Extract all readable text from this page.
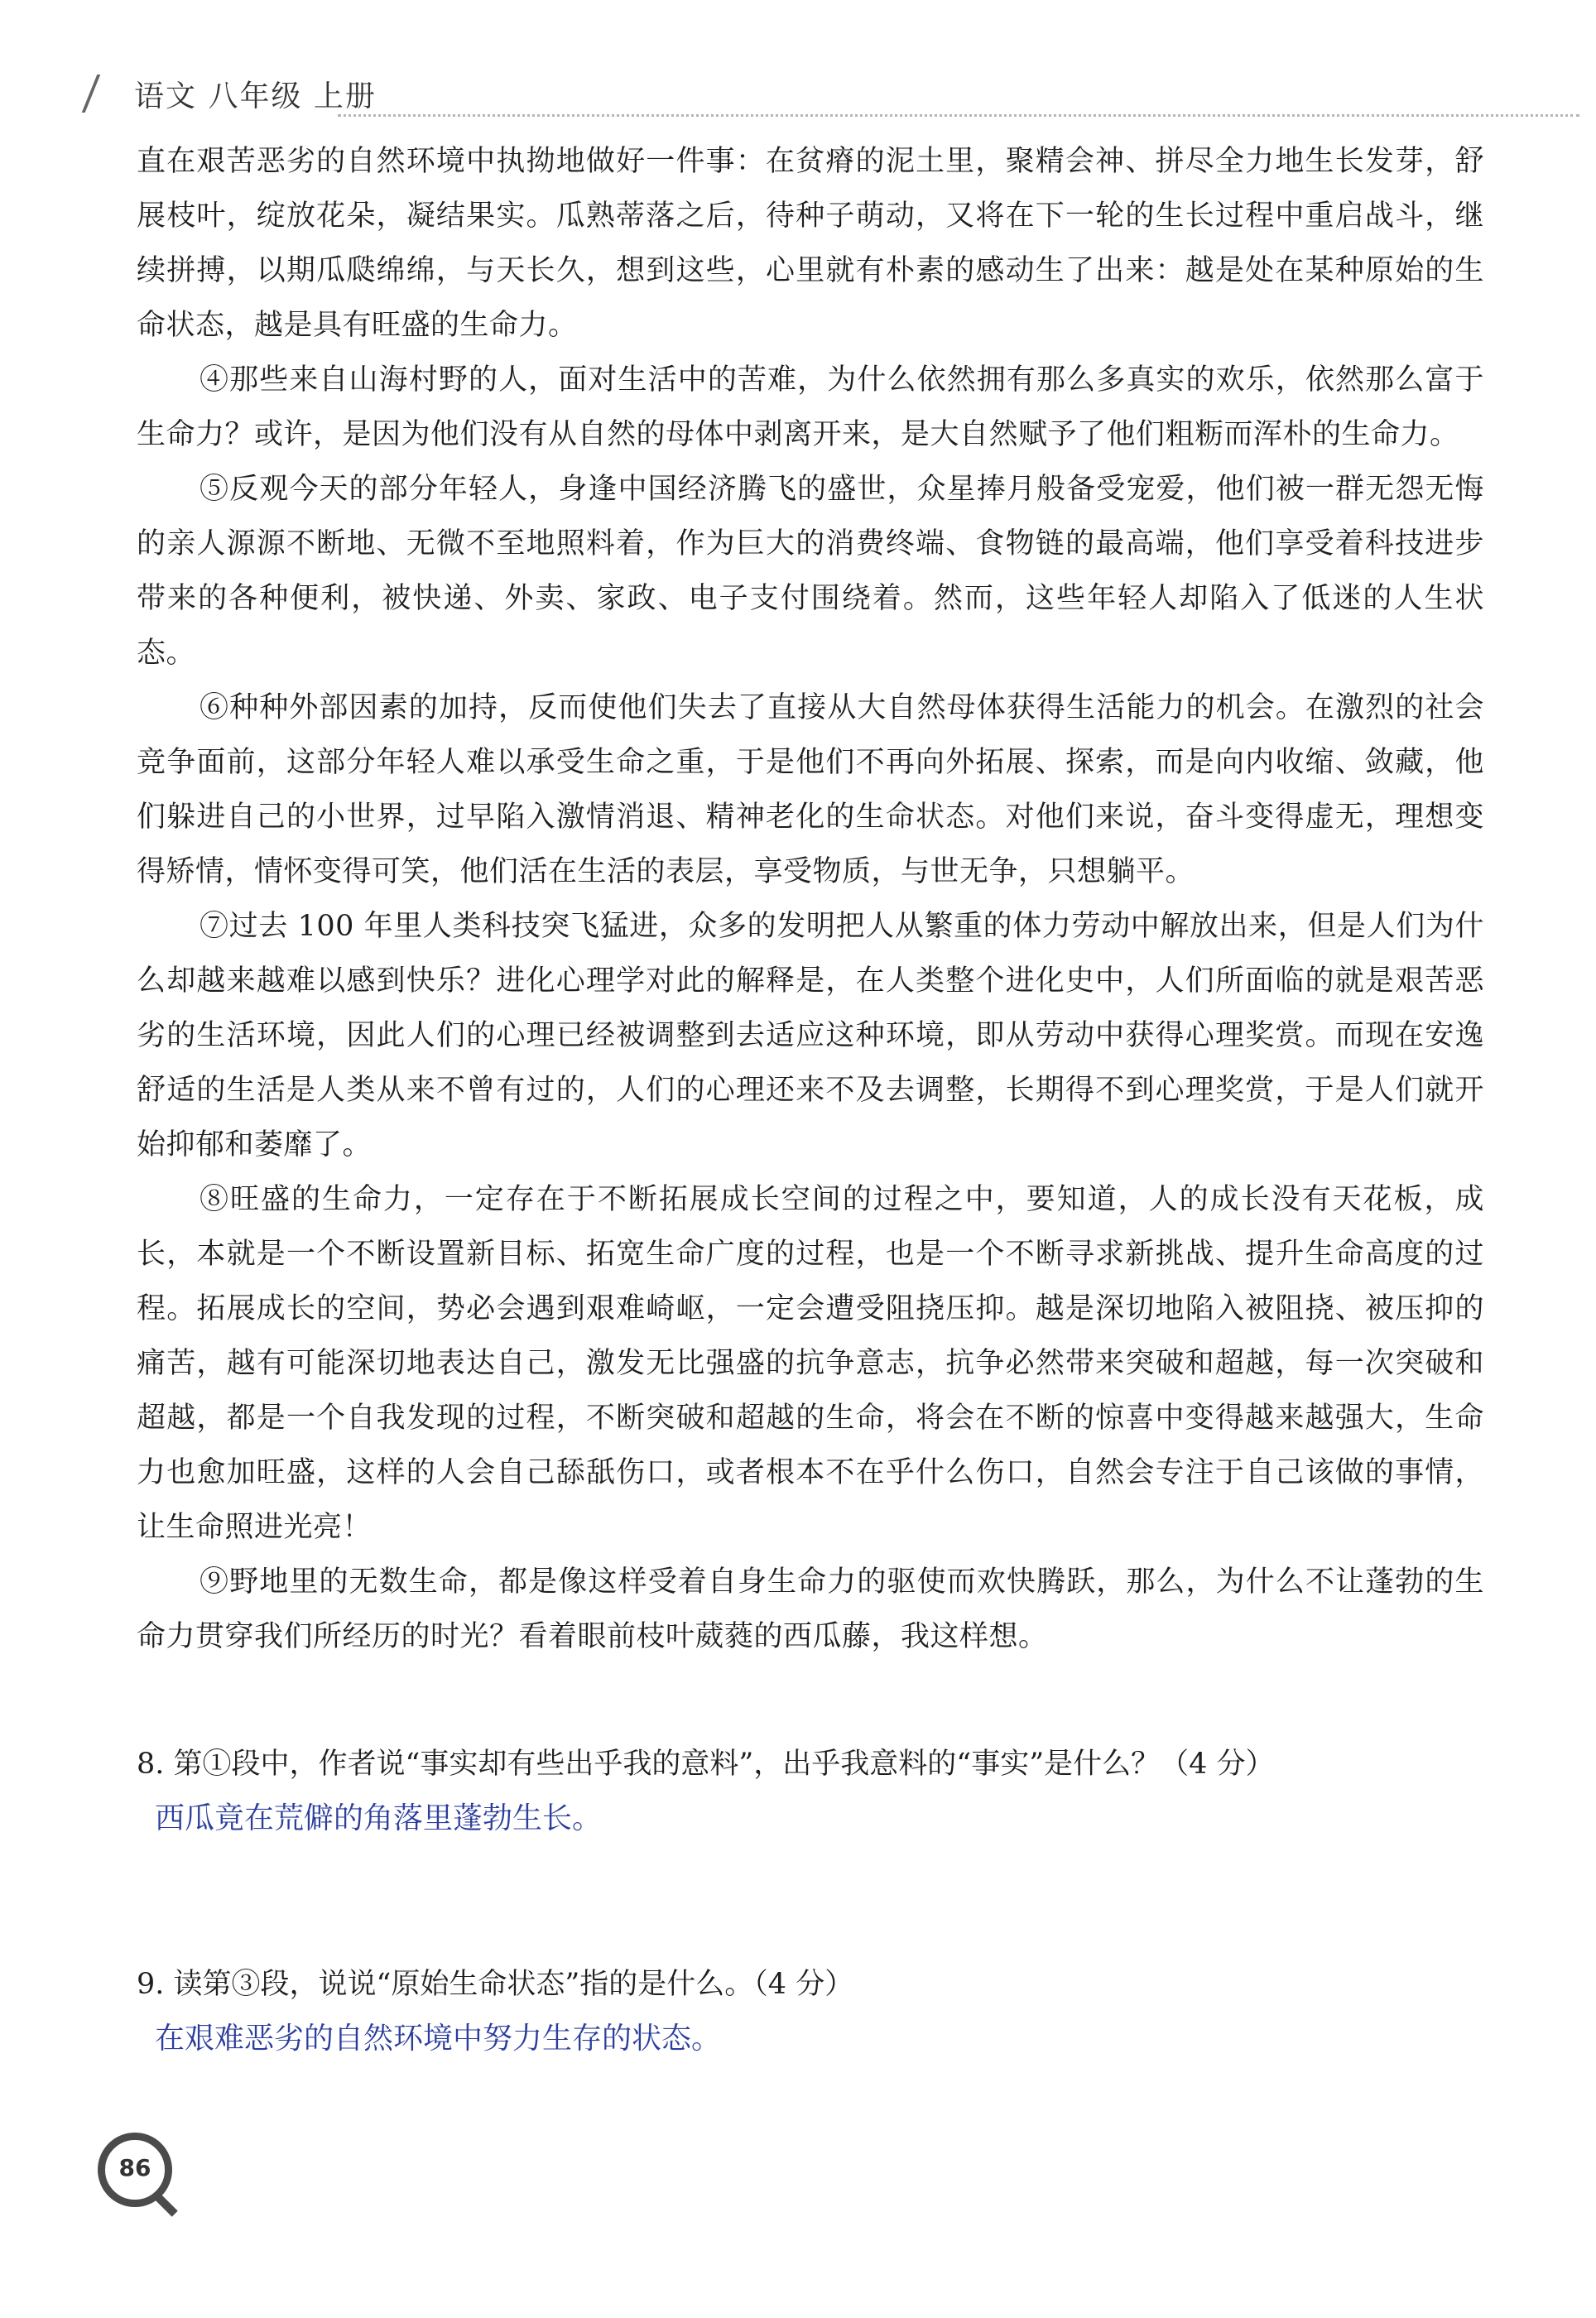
语文 八年级 上册

直在艰苦恶劣的自然环境中执拗地做好一件事：在贫瘠的泥土里，聚精会神、拼尽全力地生长发芽，舒展枝叶，绽放花朵，凝结果实。瓜熟蒂落之后，待种子萌动，又将在下一轮的生长过程中重启战斗，继续拼搏，以期瓜瓞绵绵，与天长久，想到这些，心里就有朴素的感动生了出来：越是处在某种原始的生命状态，越是具有旺盛的生命力。

④那些来自山海村野的人，面对生活中的苦难，为什么依然拥有那么多真实的欢乐，依然那么富于生命力？或许，是因为他们没有从自然的母体中剥离开来，是大自然赋予了他们粗粝而浑朴的生命力。

⑤反观今天的部分年轻人，身逢中国经济腾飞的盛世，众星捧月般备受宠爱，他们被一群无怨无悔的亲人源源不断地、无微不至地照料着，作为巨大的消费终端、食物链的最高端，他们享受着科技进步带来的各种便利，被快递、外卖、家政、电子支付围绕着。然而，这些年轻人却陷入了低迷的人生状态。

⑥种种外部因素的加持，反而使他们失去了直接从大自然母体获得生活能力的机会。在激烈的社会竞争面前，这部分年轻人难以承受生命之重，于是他们不再向外拓展、探索，而是向内收缩、敛藏，他们躲进自己的小世界，过早陷入激情消退、精神老化的生命状态。对他们来说，奋斗变得虚无，理想变得矫情，情怀变得可笑，他们活在生活的表层，享受物质，与世无争，只想躺平。

⑦过去 100 年里人类科技突飞猛进，众多的发明把人从繁重的体力劳动中解放出来，但是人们为什么却越来越难以感到快乐？进化心理学对此的解释是，在人类整个进化史中，人们所面临的就是艰苦恶劣的生活环境，因此人们的心理已经被调整到去适应这种环境，即从劳动中获得心理奖赏。而现在安逸舒适的生活是人类从来不曾有过的，人们的心理还来不及去调整，长期得不到心理奖赏，于是人们就开始抑郁和萎靡了。

⑧旺盛的生命力，一定存在于不断拓展成长空间的过程之中，要知道，人的成长没有天花板，成长，本就是一个不断设置新目标、拓宽生命广度的过程，也是一个不断寻求新挑战、提升生命高度的过程。拓展成长的空间，势必会遇到艰难崎岖，一定会遭受阻挠压抑。越是深切地陷入被阻挠、被压抑的痛苦，越有可能深切地表达自己，激发无比强盛的抗争意志，抗争必然带来突破和超越，每一次突破和超越，都是一个自我发现的过程，不断突破和超越的生命，将会在不断的惊喜中变得越来越强大，生命力也愈加旺盛，这样的人会自己舔舐伤口，或者根本不在乎什么伤口，自然会专注于自己该做的事情，让生命照进光亮！

⑨野地里的无数生命，都是像这样受着自身生命力的驱使而欢快腾跃，那么，为什么不让蓬勃的生命力贯穿我们所经历的时光？看着眼前枝叶葳蕤的西瓜藤，我这样想。

8. 第①段中，作者说“事实却有些出乎我的意料”，出乎我意料的“事实”是什么？（4 分）

西瓜竟在荒僻的角落里蓬勃生长。

9. 读第③段，说说“原始生命状态”指的是什么。（4 分）

在艰难恶劣的自然环境中努力生存的状态。

86
